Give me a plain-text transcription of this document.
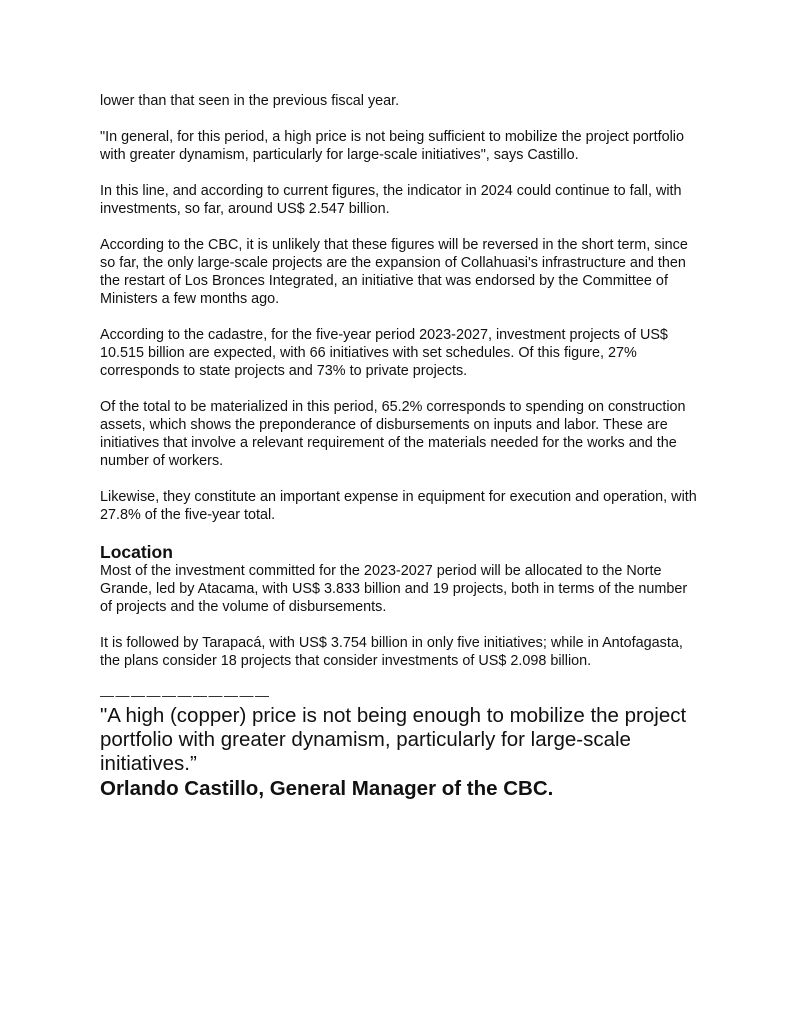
lower than that seen in the previous fiscal year.

"In general, for this period, a high price is not being sufficient to mobilize the project portfolio with greater dynamism, particularly for large-scale initiatives", says Castillo.

In this line, and according to current figures, the indicator in 2024 could continue to fall, with investments, so far, around US$ 2.547 billion.

According to the CBC, it is unlikely that these figures will be reversed in the short term, since so far, the only large-scale projects are the expansion of Collahuasi's infrastructure and then the restart of Los Bronces Integrated, an initiative that was endorsed by the Committee of Ministers a few months ago.

According to the cadastre, for the five-year period 2023-2027, investment projects of US$ 10.515 billion are expected, with 66 initiatives with set schedules. Of this figure, 27% corresponds to state projects and 73% to private projects.

Of the total to be materialized in this period, 65.2% corresponds to spending on construction assets, which shows the preponderance of disbursements on inputs and labor. These are initiatives that involve a relevant requirement of the materials needed for the works and the number of workers.

Likewise, they constitute an important expense in equipment for execution and operation, with 27.8% of the five-year total.

Location

Most of the investment committed for the 2023-2027 period will be allocated to the Norte Grande, led by Atacama, with US$ 3.833 billion and 19 projects, both in terms of the number of projects and the volume of disbursements.

It is followed by Tarapacá, with US$ 3.754 billion in only five initiatives; while in Antofagasta, the plans consider 18 projects that consider investments of US$ 2.098 billion.

———————————

"A high (copper) price is not being enough to mobilize the project portfolio with greater dynamism, particularly for large-scale initiatives.”

Orlando Castillo, General Manager of the CBC.
